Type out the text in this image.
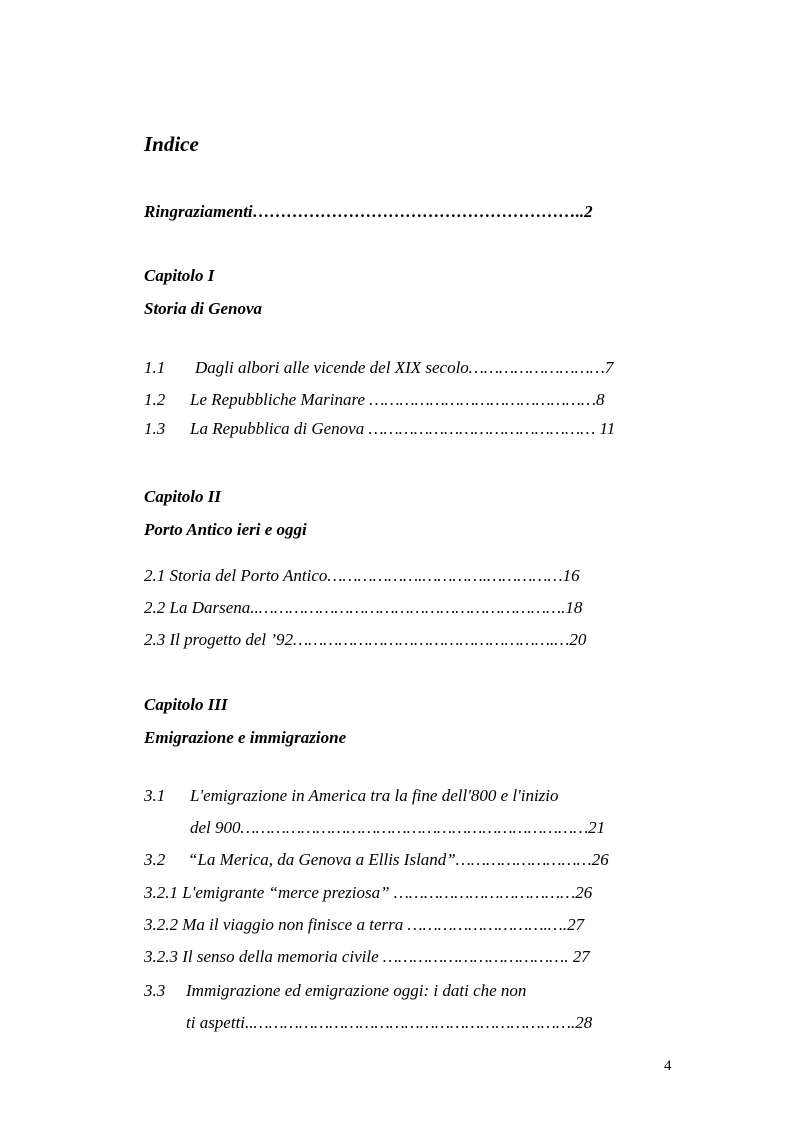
Indice
Ringraziamenti…………………………………………………..2
Capitolo I
Storia di Genova
1.1 Dagli albori alle vicende del XIX secolo………………………7
1.2 Le Repubbliche Marinare ………………………………………8
1.3 La Repubblica di Genova ……………………………………… 11
Capitolo II
Porto Antico ieri e oggi
2.1 Storia del Porto Antico……………….………….……………16
2.2 La Darsena..…………………………………………………….18
2.3 Il progetto del ’92…………………………………………….…20
Capitolo III
Emigrazione e immigrazione
3.1 L'emigrazione in America tra la fine dell'800 e l'inizio
del 900……………………………………………………………21
3.2 “La Merica, da Genova a Ellis Island”………………………26
3.2.1 L'emigrante “merce preziosa” ………………………………26
3.2.2 Ma il viaggio non finisce a terra ……………………….….27
3.2.3 Il senso della memoria civile ………………………………. 27
3.3 Immigrazione ed emigrazione oggi: i dati che non
ti aspetti..……………………………………………………….28
4
